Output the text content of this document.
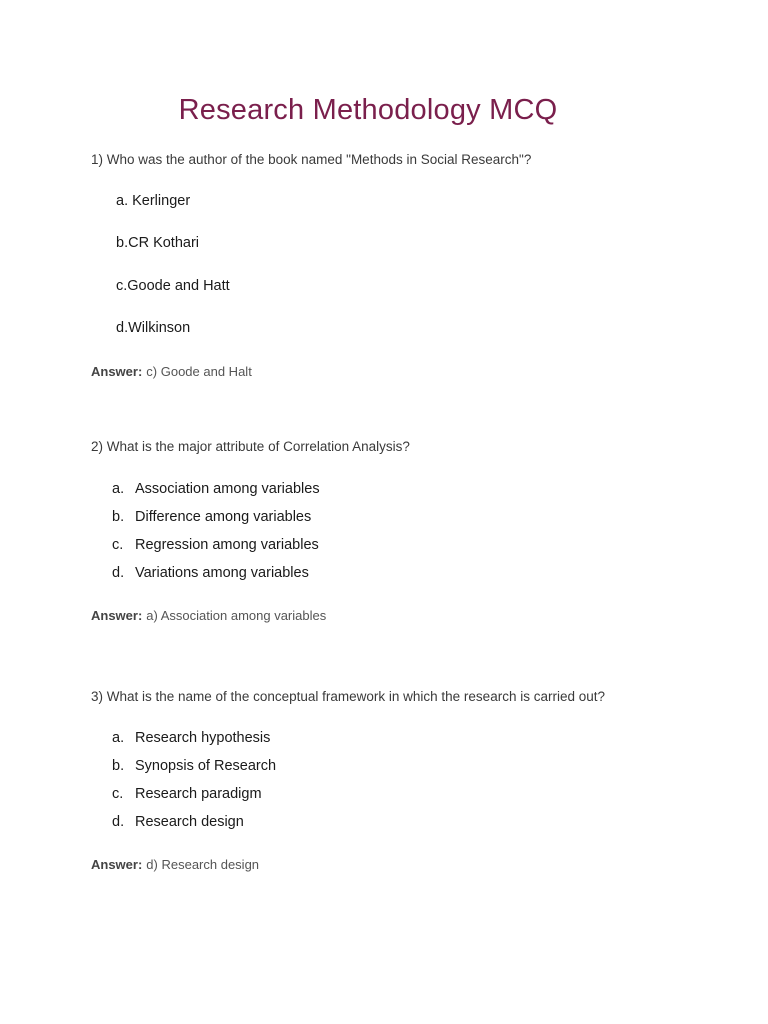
Research Methodology MCQ
1) Who was the author of the book named "Methods in Social Research"?
a. Kerlinger
b.CR Kothari
c.Goode and Hatt
d.Wilkinson
Answer: c) Goode and Halt
2) What is the major attribute of Correlation Analysis?
a. Association among variables
b. Difference among variables
c. Regression among variables
d. Variations among variables
Answer: a) Association among variables
3) What is the name of the conceptual framework in which the research is carried out?
a. Research hypothesis
b. Synopsis of Research
c. Research paradigm
d. Research design
Answer: d) Research design
